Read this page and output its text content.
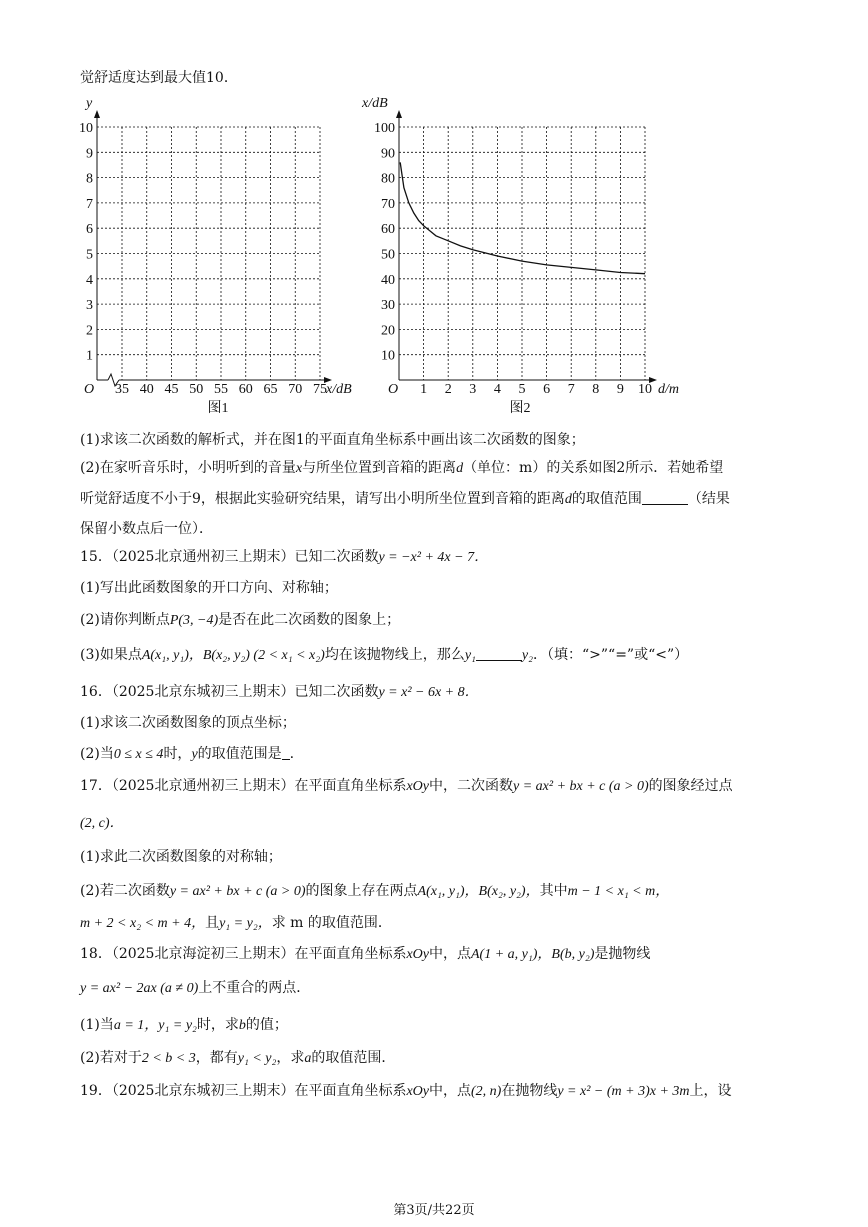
觉舒适度达到最大值10．
1
2
3
4
5
6
7
8
9
10
35 40 45 50 55 60 65 70 75
y
O	x/dB
图1
10
20
30
40
50
60
70
80
90
100
1 2 3 4 5 6 7 8 9 10
x/dB
O	d/m
图2
(1)求该二次函数的解析式，并在图1的平面直角坐标系中画出该二次函数的图象；
(2)在家听音乐时，小明听到的音量x与所坐位置到音箱的距离d（单位：m）的关系如图2所示．若她希望
听觉舒适度不小于9，根据此实验研究结果，请写出小明所坐位置到音箱的距离d的取值范围	（结果
保留小数点后一位）．
15．（2025北京通州初三上期末）已知二次函数y = −x² + 4x − 7．
(1)写出此函数图象的开口方向、对称轴；
(2)请你判断点P(3, −4)是否在此二次函数的图象上；
(3)如果点A(x₁, y₁)，B(x₂, y₂) (2 < x₁ < x₂)均在该抛物线上，那么y₁	y₂．（填：“>”“=”或“<”）
16．（2025北京东城初三上期末）已知二次函数y = x² − 6x + 8．
(1)求该二次函数图象的顶点坐标；
(2)当0 ≤ x ≤ 4时，y的取值范围是 .
17．（2025北京通州初三上期末）在平面直角坐标系xOy中，二次函数y = ax² + bx + c (a > 0)的图象经过点
(2, c)．
(1)求此二次函数图象的对称轴；
(2)若二次函数y = ax² + bx + c (a > 0)的图象上存在两点A(x₁, y₁)，B(x₂, y₂)，其中m − 1 < x₁ < m，
m + 2 < x₂ < m + 4，且y₁ = y₂，求 m 的取值范围．
18．（2025北京海淀初三上期末）在平面直角坐标系xOy中，点A(1 + a, y₁)，B(b, y₂)是抛物线
y = ax² − 2ax (a ≠ 0)上不重合的两点．
(1)当a = 1，y₁ = y₂时，求b的值；
(2)若对于2 < b < 3，都有y₁ < y₂，求a的取值范围．
19．（2025北京东城初三上期末）在平面直角坐标系xOy中，点(2, n)在抛物线y = x² − (m + 3)x + 3m上，设
第3页/共22页
